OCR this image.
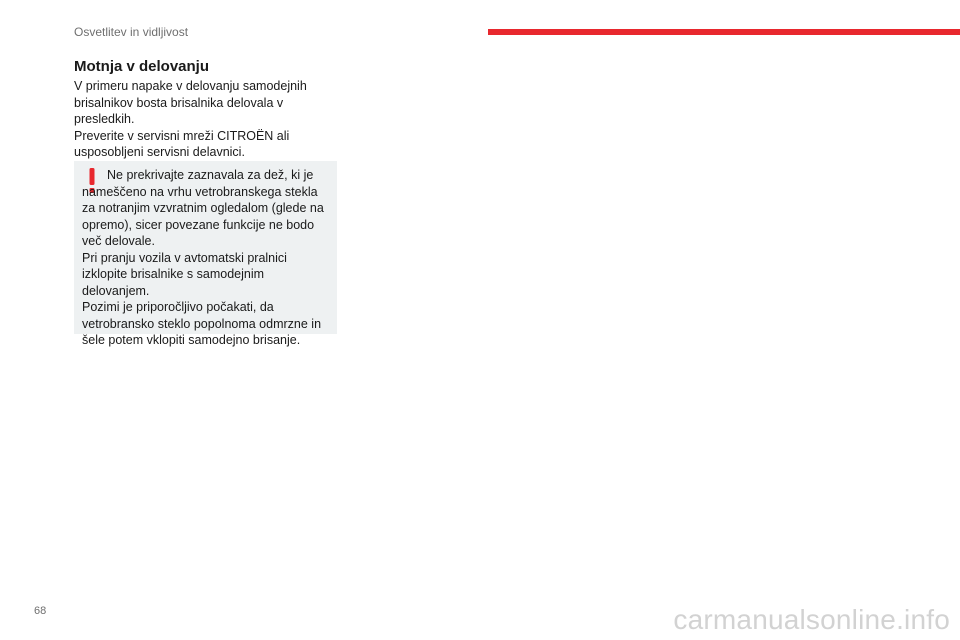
Osvetlitev in vidljivost
Motnja v delovanju

V primeru napake v delovanju samodejnih brisalnikov bosta brisalnika delovala v presledkih.

Preverite v servisni mreži CITROËN ali usposobljeni servisni delavnici.

Ne prekrivajte zaznavala za dež, ki je nameščeno na vrhu vetrobranskega stekla za notranjim vzvratnim ogledalom (glede na opremo), sicer povezane funkcije ne bodo več delovale.

Pri pranju vozila v avtomatski pralnici izklopite brisalnike s samodejnim delovanjem.

Pozimi je priporočljivo počakati, da vetrobransko steklo popolnoma odmrzne in šele potem vklopiti samodejno brisanje.

68	carmanualsonline.info
